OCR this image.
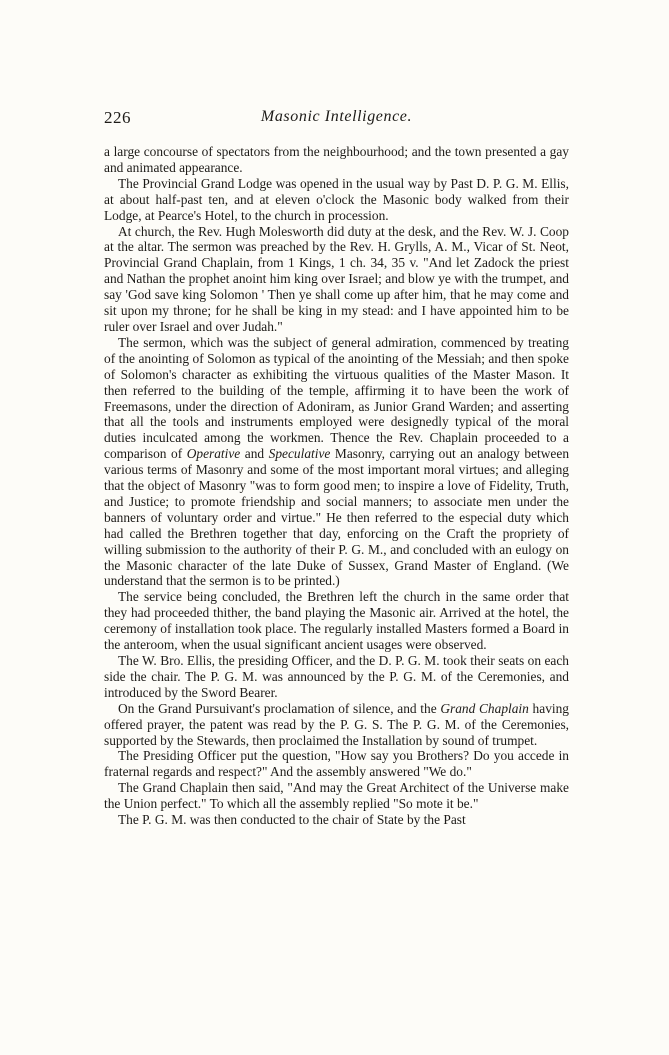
226	Masonic Intelligence.

a large concourse of spectators from the neighbourhood; and the town presented a gay and animated appearance.

The Provincial Grand Lodge was opened in the usual way by Past D. P. G. M. Ellis, at about half-past ten, and at eleven o'clock the Masonic body walked from their Lodge, at Pearce's Hotel, to the church in procession.

At church, the Rev. Hugh Molesworth did duty at the desk, and the Rev. W. J. Coop at the altar. The sermon was preached by the Rev. H. Grylls, A. M., Vicar of St. Neot, Provincial Grand Chaplain, from 1 Kings, 1 ch. 34, 35 v. "And let Zadock the priest and Nathan the prophet anoint him king over Israel; and blow ye with the trumpet, and say 'God save king Solomon ' Then ye shall come up after him, that he may come and sit upon my throne; for he shall be king in my stead: and I have appointed him to be ruler over Israel and over Judah."

The sermon, which was the subject of general admiration, commenced by treating of the anointing of Solomon as typical of the anointing of the Messiah; and then spoke of Solomon's character as exhibiting the virtuous qualities of the Master Mason. It then referred to the building of the temple, affirming it to have been the work of Freemasons, under the direction of Adoniram, as Junior Grand Warden; and asserting that all the tools and instruments employed were designedly typical of the moral duties inculcated among the workmen. Thence the Rev. Chaplain proceeded to a comparison of Operative and Speculative Masonry, carrying out an analogy between various terms of Masonry and some of the most important moral virtues; and alleging that the object of Masonry "was to form good men; to inspire a love of Fidelity, Truth, and Justice; to promote friendship and social manners; to associate men under the banners of voluntary order and virtue." He then referred to the especial duty which had called the Brethren together that day, enforcing on the Craft the propriety of willing submission to the authority of their P. G. M., and concluded with an eulogy on the Masonic character of the late Duke of Sussex, Grand Master of England. (We understand that the sermon is to be printed.)

The service being concluded, the Brethren left the church in the same order that they had proceeded thither, the band playing the Masonic air. Arrived at the hotel, the ceremony of installation took place. The regularly installed Masters formed a Board in the anteroom, when the usual significant ancient usages were observed.

The W. Bro. Ellis, the presiding Officer, and the D. P. G. M. took their seats on each side the chair. The P. G. M. was announced by the P. G. M. of the Ceremonies, and introduced by the Sword Bearer.

On the Grand Pursuivant's proclamation of silence, and the Grand Chaplain having offered prayer, the patent was read by the P. G. S. The P. G. M. of the Ceremonies, supported by the Stewards, then proclaimed the Installation by sound of trumpet.

The Presiding Officer put the question, "How say you Brothers? Do you accede in fraternal regards and respect?" And the assembly answered "We do."

The Grand Chaplain then said, "And may the Great Architect of the Universe make the Union perfect." To which all the assembly replied "So mote it be."

The P. G. M. was then conducted to the chair of State by the Past
